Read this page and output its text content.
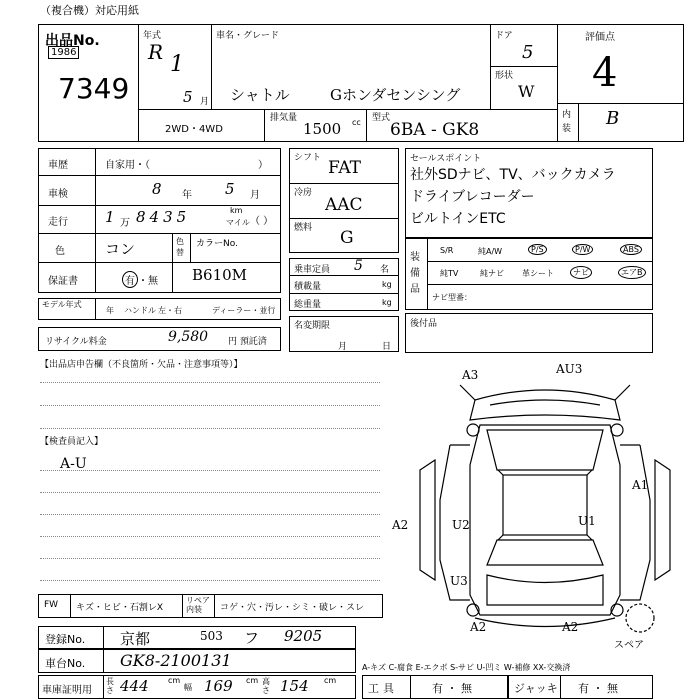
（複合機）対応用紙
出品No.
1986
7349
年式
R 1
5 月
車名・グレード
シャトル	Gホンダセンシング
ドア
5
形状
W
評価点
4
内装 B
2WD・4WD
排気量
1500 cc 型式
6BA - GK8
車歴	自家用・（	）
車検	8 年 5 月
走行 1 万 8435	km
マイル （ ）
色	コン	色替
カラーNo.
保証書	有 ・無 B610M
モデル年式
年 ハンドル 左・右	ディーラー・並行
リサイクル料金	9,580 円 預託済
シフト FAT
冷房
AAC
燃料 G
乗車定員 5 名
積載量	kg
総重量	kg
名変期限
月	日
セールスポイント
社外SDナビ、TV、バックカメラ
ドライブレコーダー
ビルトインETC
装備品
S/R	純A/W	P/S	P/W	ABS
純TV	純ナビ 革シート	ナビ	エアB
ナビ型番：
後付品
【出品店申告欄（不良箇所・欠品・注意事項等）】
【検査員記入】
A-U
A3	AU3
A1
A2	U2	U1
U3
A2	A2
スペア
FW キズ・ヒビ・石割レX
リペア内装	コゲ・穴・汚レ・シミ・破レ・スレ
登録No. 京都	503 フ 9205
車台No. GK8-2100131
車庫証明用
長さ 444 cm
幅 169 cm 高さ 154 cm
A-キズ C-腐食 E-エクボ S-サビ U-凹ミ W-補修 XX-交換済
工具	有 ・ 無	ジャッキ 有 ・ 無
